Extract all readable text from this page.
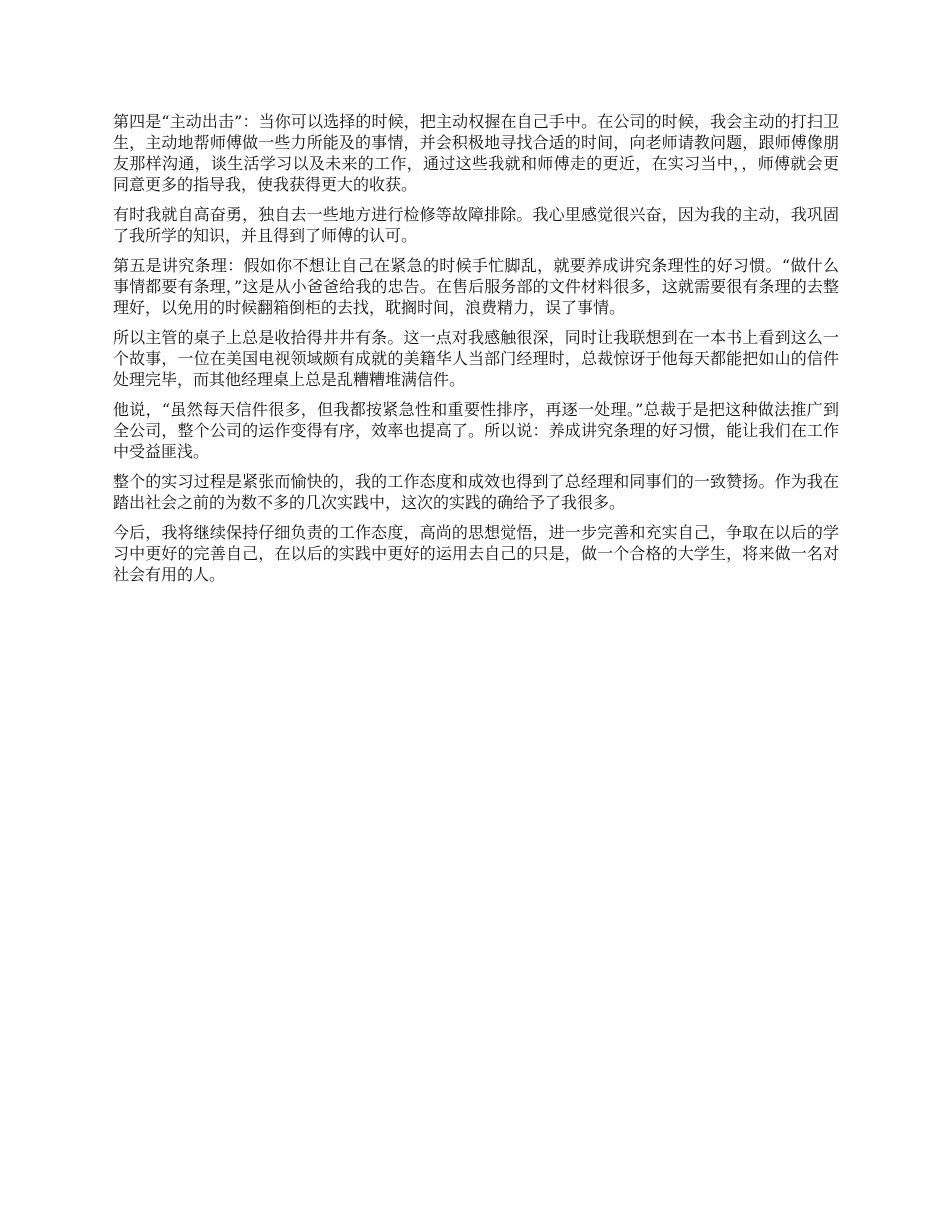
第四是“主动出击”：当你可以选择的时候，把主动权握在自己手中。在公司的时候，我会主动的打扫卫生，主动地帮师傅做一些力所能及的事情，并会积极地寻找合适的时间，向老师请教问题，跟师傅像朋友那样沟通，谈生活学习以及未来的工作，通过这些我就和师傅走的更近，在实习当中，，师傅就会更同意更多的指导我，使我获得更大的收获。

有时我就自高奋勇，独自去一些地方进行检修等故障排除。我心里感觉很兴奋，因为我的主动，我巩固了我所学的知识，并且得到了师傅的认可。

第五是讲究条理：假如你不想让自己在紧急的时候手忙脚乱，就要养成讲究条理性的好习惯。“做什么事情都要有条理，”这是从小爸爸给我的忠告。在售后服务部的文件材料很多，这就需要很有条理的去整理好，以免用的时候翻箱倒柜的去找，耽搁时间，浪费精力，误了事情。

所以主管的桌子上总是收拾得井井有条。这一点对我感触很深，同时让我联想到在一本书上看到这么一个故事，一位在美国电视领域颇有成就的美籍华人当部门经理时，总裁惊讶于他每天都能把如山的信件处理完毕，而其他经理桌上总是乱糟糟堆满信件。

他说，“虽然每天信件很多，但我都按紧急性和重要性排序，再逐一处理。”总裁于是把这种做法推广到全公司，整个公司的运作变得有序，效率也提高了。所以说：养成讲究条理的好习惯，能让我们在工作中受益匪浅。

整个的实习过程是紧张而愉快的，我的工作态度和成效也得到了总经理和同事们的一致赞扬。作为我在踏出社会之前的为数不多的几次实践中，这次的实践的确给予了我很多。

今后，我将继续保持仔细负责的工作态度，高尚的思想觉悟，进一步完善和充实自己，争取在以后的学习中更好的完善自己，在以后的实践中更好的运用去自己的只是，做一个合格的大学生，将来做一名对社会有用的人。
